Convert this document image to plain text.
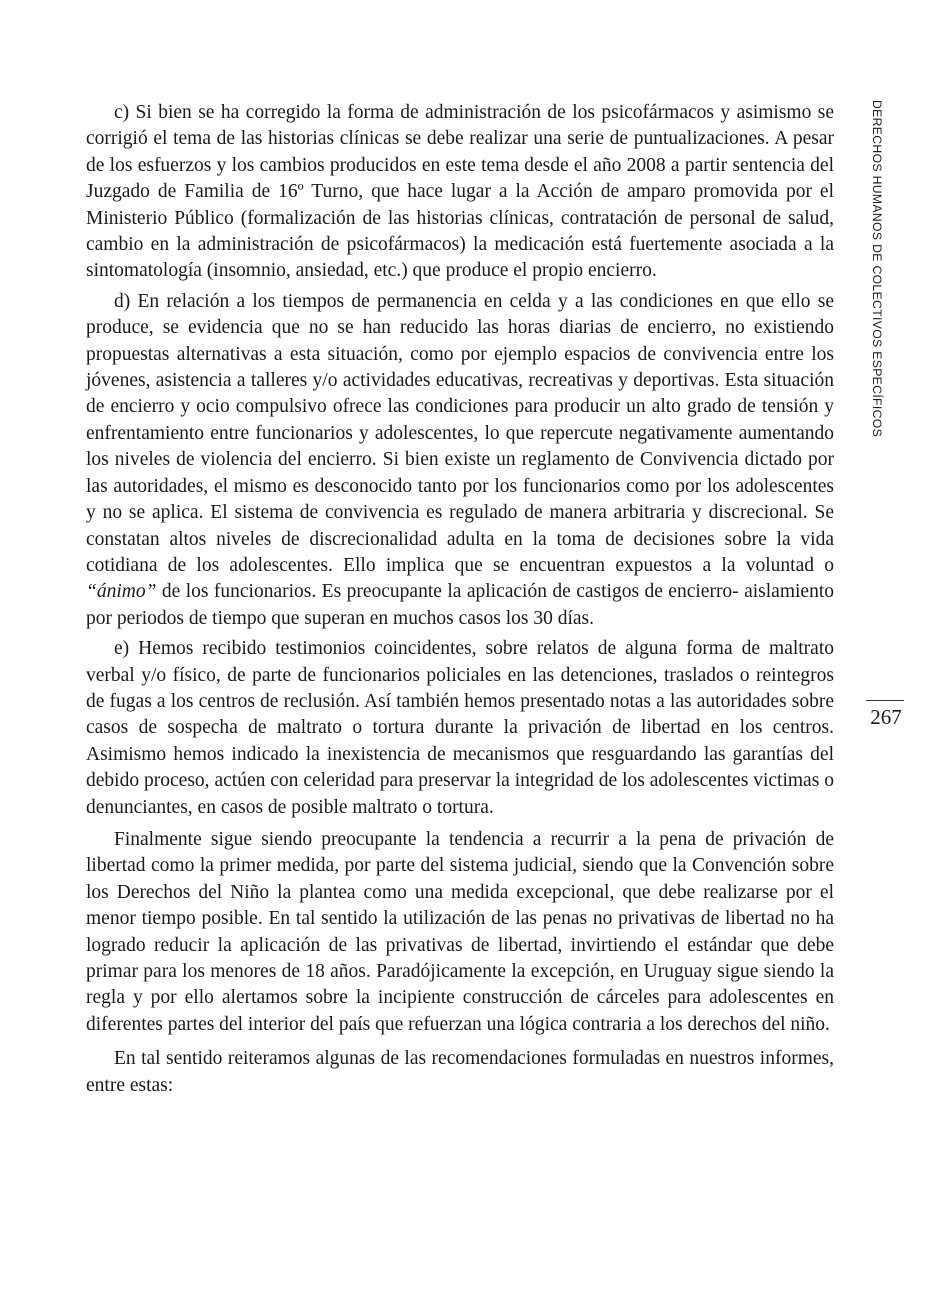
DERECHOS HUMANOS DE COLECTIVOS ESPECÍFICOS
267

c) Si bien se ha corregido la forma de administración de los psicofármacos y asimismo se corrigió el tema de las historias clínicas se debe realizar una serie de puntualizaciones. A pesar de los esfuerzos y los cambios producidos en este tema desde el año 2008 a partir sentencia del Juzgado de Familia de 16º Turno, que hace lugar a la Acción de amparo promovida por el Ministerio Público (formalización de las historias clínicas, contratación de personal de salud, cambio en la administración de psicofármacos) la medicación está fuertemente asociada a la sintomatología (insomnio, ansiedad, etc.) que produce el propio encierro.

d) En relación a los tiempos de permanencia en celda y a las condiciones en que ello se produce, se evidencia que no se han reducido las horas diarias de encierro, no existiendo propuestas alternativas a esta situación, como por ejemplo espacios de convivencia entre los jóvenes, asistencia a talleres y/o actividades educativas, recreativas y deportivas. Esta situación de encierro y ocio compulsivo ofrece las condiciones para producir un alto grado de tensión y enfrentamiento entre funcionarios y adolescentes, lo que repercute negativamente aumentando los niveles de violencia del encierro. Si bien existe un reglamento de Convivencia dictado por las autoridades, el mismo es desconocido tanto por los funcionarios como por los adolescentes y no se aplica. El sistema de convivencia es regulado de manera arbitraria y discrecional. Se constatan altos niveles de discrecionalidad adulta en la toma de decisiones sobre la vida cotidiana de los adolescentes. Ello implica que se encuentran expuestos a la voluntad o “ánimo” de los funcionarios. Es preocupante la aplicación de castigos de encierro- aislamiento por periodos de tiempo que superan en muchos casos los 30 días.

e) Hemos recibido testimonios coincidentes, sobre relatos de alguna forma de maltrato verbal y/o físico, de parte de funcionarios policiales en las detenciones, traslados o reintegros de fugas a los centros de reclusión. Así también hemos presentado notas a las autoridades sobre casos de sospecha de maltrato o tortura durante la privación de libertad en los centros. Asimismo hemos indicado la inexistencia de mecanismos que resguardando las garantías del debido proceso, actúen con celeridad para preservar la integridad de los adolescentes victimas o denunciantes, en casos de posible maltrato o tortura.

Finalmente sigue siendo preocupante la tendencia a recurrir a la pena de privación de libertad como la primer medida, por parte del sistema judicial, siendo que la Convención sobre los Derechos del Niño la plantea como una medida excepcional, que debe realizarse por el menor tiempo posible. En tal sentido la utilización de las penas no privativas de libertad no ha logrado reducir la aplicación de las privativas de libertad, invirtiendo el estándar que debe primar para los menores de 18 años. Paradójicamente la excepción, en Uruguay sigue siendo la regla y por ello alertamos sobre la incipiente construcción de cárceles para adolescentes en diferentes partes del interior del país que refuerzan una lógica contraria a los derechos del niño.

En tal sentido reiteramos algunas de las recomendaciones formuladas en nuestros informes, entre estas:
